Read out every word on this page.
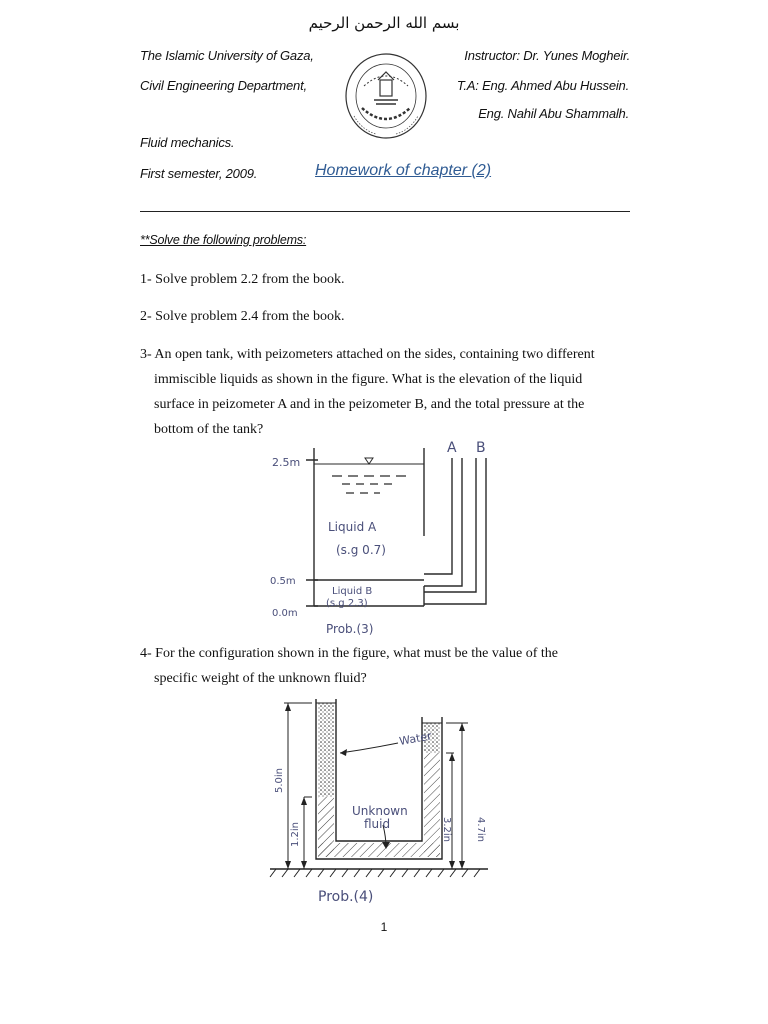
بسم الله الرحمن الرحيم
The Islamic University of Gaza,
Civil Engineering Department,
Fluid mechanics.
First semester, 2009.
Instructor: Dr. Yunes Mogheir.
T.A: Eng. Ahmed Abu Hussein.
Eng. Nahil Abu Shammalh.
Homework of chapter (2)
**Solve the following problems:
1- Solve problem 2.2 from the book.
2- Solve problem 2.4 from the book.
3- An open tank, with peizometers attached on the sides, containing two different
immiscible liquids as shown in the figure. What is the elevation of the liquid
surface in peizometer A and in the peizometer B, and the total pressure at the
bottom of the tank?
A B
2.5m
0.5m
0.0m
Liquid A
(s.g 0.7)
Liquid B
(s.g 2.3)
Prob.(3)
4- For the configuration shown in the figure, what must be the value of the
specific weight of the unknown fluid?
5.0in
1.2in	4.7in
3.2in
Water
Unknown
fluid
Prob.(4)
1
